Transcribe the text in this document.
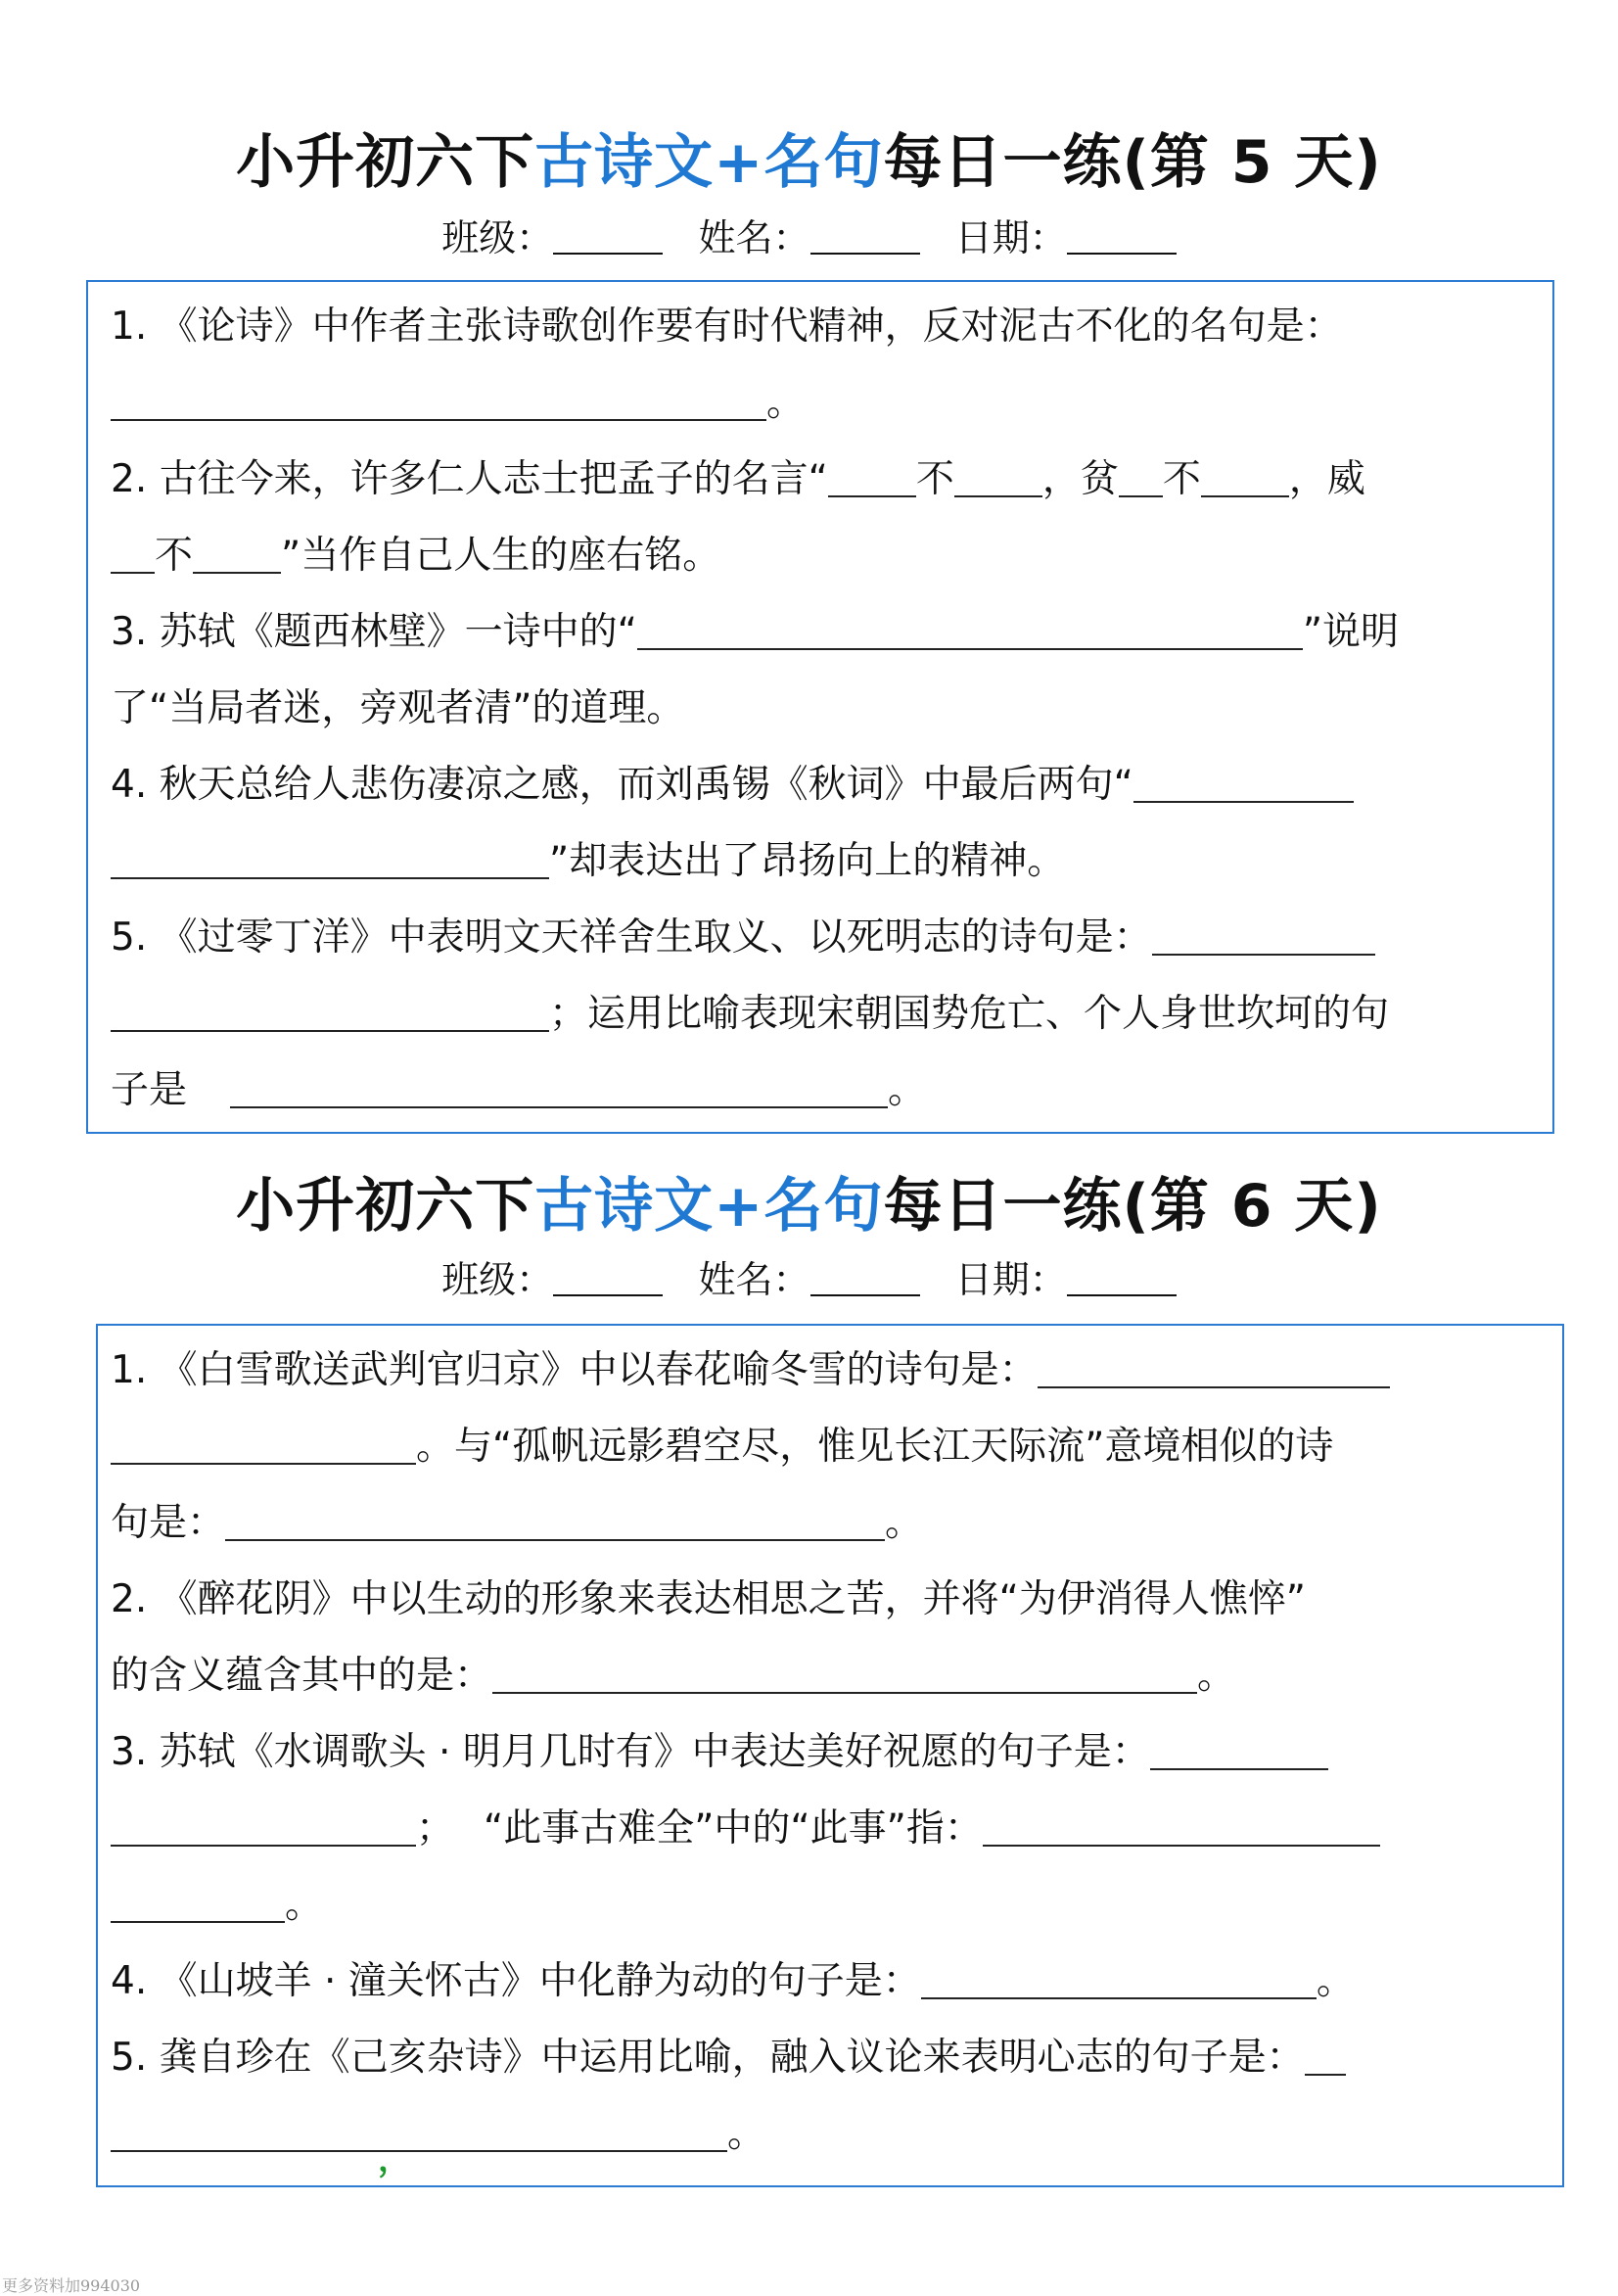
小升初六下古诗文+名句每日一练(第 5 天)
班级：	姓名：	日期：
1. 《论诗》中作者主张诗歌创作要有时代精神，反对泥古不化的名句是：
。
2. 古往今来，许多仁人志士把孟子的名言“ 不 ，贫 不 ，威
不 ”当作自己人生的座右铭。
3. 苏轼《题西林壁》一诗中的“	”说明
了“当局者迷，旁观者清”的道理。
4. 秋天总给人悲伤凄凉之感，而刘禹锡《秋词》中最后两句“
”却表达出了昂扬向上的精神。
5. 《过零丁洋》中表明文天祥舍生取义、以死明志的诗句是：
；运用比喻表现宋朝国势危亡、个人身世坎坷的句
子是	。
小升初六下古诗文+名句每日一练(第 6 天)
班级：	姓名：	日期：
1. 《白雪歌送武判官归京》中以春花喻冬雪的诗句是：
。与“孤帆远影碧空尽，惟见长江天际流”意境相似的诗
句是：	。
2. 《醉花阴》中以生动的形象来表达相思之苦，并将“为伊消得人憔悴”
的含义蕴含其中的是：	。
3. 苏轼《水调歌头 · 明月几时有》中表达美好祝愿的句子是：
； “此事古难全”中的“此事”指：
。
4. 《山坡羊 · 潼关怀古》中化静为动的句子是：	。
5. 龚自珍在《己亥杂诗》中运用比喻，融入议论来表明心志的句子是：
。
，
更多资料加994030
